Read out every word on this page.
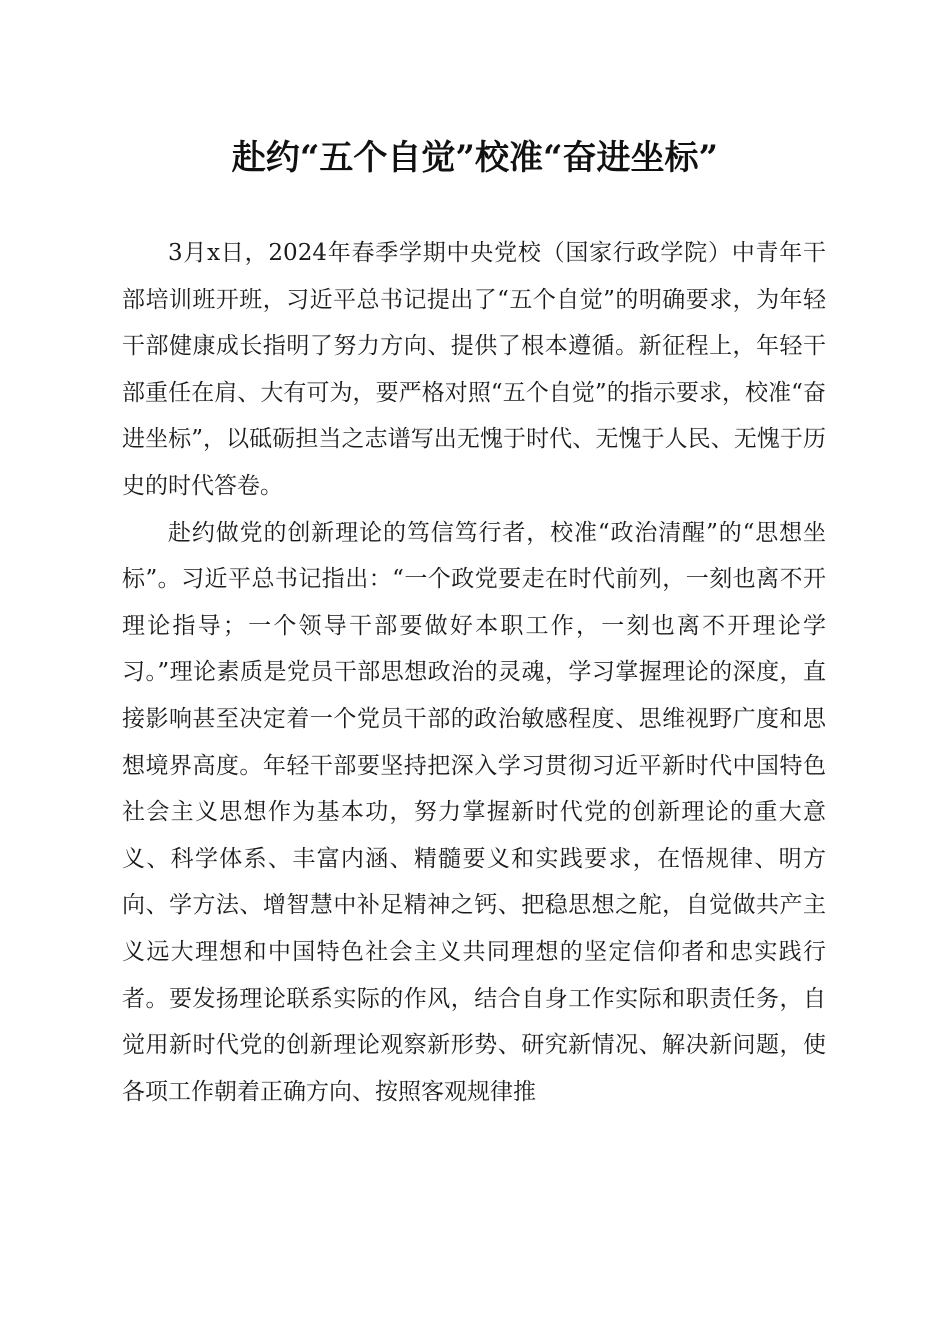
赴约“五个自觉”校准“奋进坐标”

3月x日，2024年春季学期中央党校（国家行政学院）中青年干部培训班开班，习近平总书记提出了“五个自觉”的明确要求，为年轻干部健康成长指明了努力方向、提供了根本遵循。新征程上，年轻干部重任在肩、大有可为，要严格对照“五个自觉”的指示要求，校准“奋进坐标”，以砥砺担当之志谱写出无愧于时代、无愧于人民、无愧于历史的时代答卷。

赴约做党的创新理论的笃信笃行者，校准“政治清醒”的“思想坐标”。习近平总书记指出：“一个政党要走在时代前列，一刻也离不开理论指导；一个领导干部要做好本职工作，一刻也离不开理论学习。”理论素质是党员干部思想政治的灵魂，学习掌握理论的深度，直接影响甚至决定着一个党员干部的政治敏感程度、思维视野广度和思想境界高度。年轻干部要坚持把深入学习贯彻习近平新时代中国特色社会主义思想作为基本功，努力掌握新时代党的创新理论的重大意义、科学体系、丰富内涵、精髓要义和实践要求，在悟规律、明方向、学方法、增智慧中补足精神之钙、把稳思想之舵，自觉做共产主义远大理想和中国特色社会主义共同理想的坚定信仰者和忠实践行者。要发扬理论联系实际的作风，结合自身工作实际和职责任务，自觉用新时代党的创新理论观察新形势、研究新情况、解决新问题，使各项工作朝着正确方向、按照客观规律推
